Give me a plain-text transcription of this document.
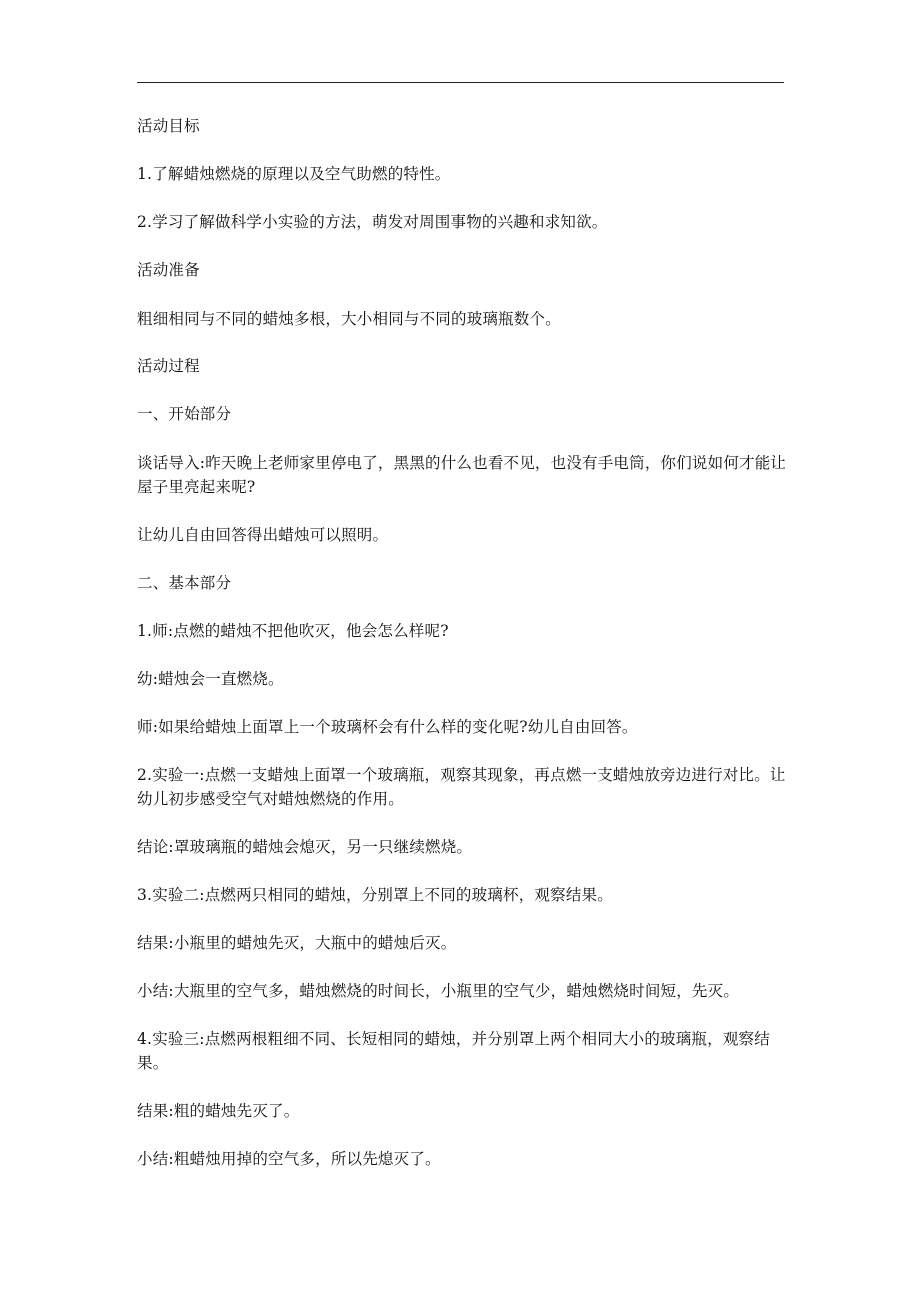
活动目标

1.了解蜡烛燃烧的原理以及空气助燃的特性。

2.学习了解做科学小实验的方法，萌发对周围事物的兴趣和求知欲。

活动准备

粗细相同与不同的蜡烛多根，大小相同与不同的玻璃瓶数个。

活动过程

一、开始部分

谈话导入:昨天晚上老师家里停电了，黑黑的什么也看不见，也没有手电筒，你们说如何才能让屋子里亮起来呢?

让幼儿自由回答得出蜡烛可以照明。

二、基本部分

1.师:点燃的蜡烛不把他吹灭，他会怎么样呢?

幼:蜡烛会一直燃烧。

师:如果给蜡烛上面罩上一个玻璃杯会有什么样的变化呢?幼儿自由回答。

2.实验一:点燃一支蜡烛上面罩一个玻璃瓶，观察其现象，再点燃一支蜡烛放旁边进行对比。让幼儿初步感受空气对蜡烛燃烧的作用。

结论:罩玻璃瓶的蜡烛会熄灭，另一只继续燃烧。

3.实验二:点燃两只相同的蜡烛，分别罩上不同的玻璃杯，观察结果。

结果:小瓶里的蜡烛先灭，大瓶中的蜡烛后灭。

小结:大瓶里的空气多，蜡烛燃烧的时间长，小瓶里的空气少，蜡烛燃烧时间短，先灭。

4.实验三:点燃两根粗细不同、长短相同的蜡烛，并分别罩上两个相同大小的玻璃瓶，观察结果。

结果:粗的蜡烛先灭了。

小结:粗蜡烛用掉的空气多，所以先熄灭了。
